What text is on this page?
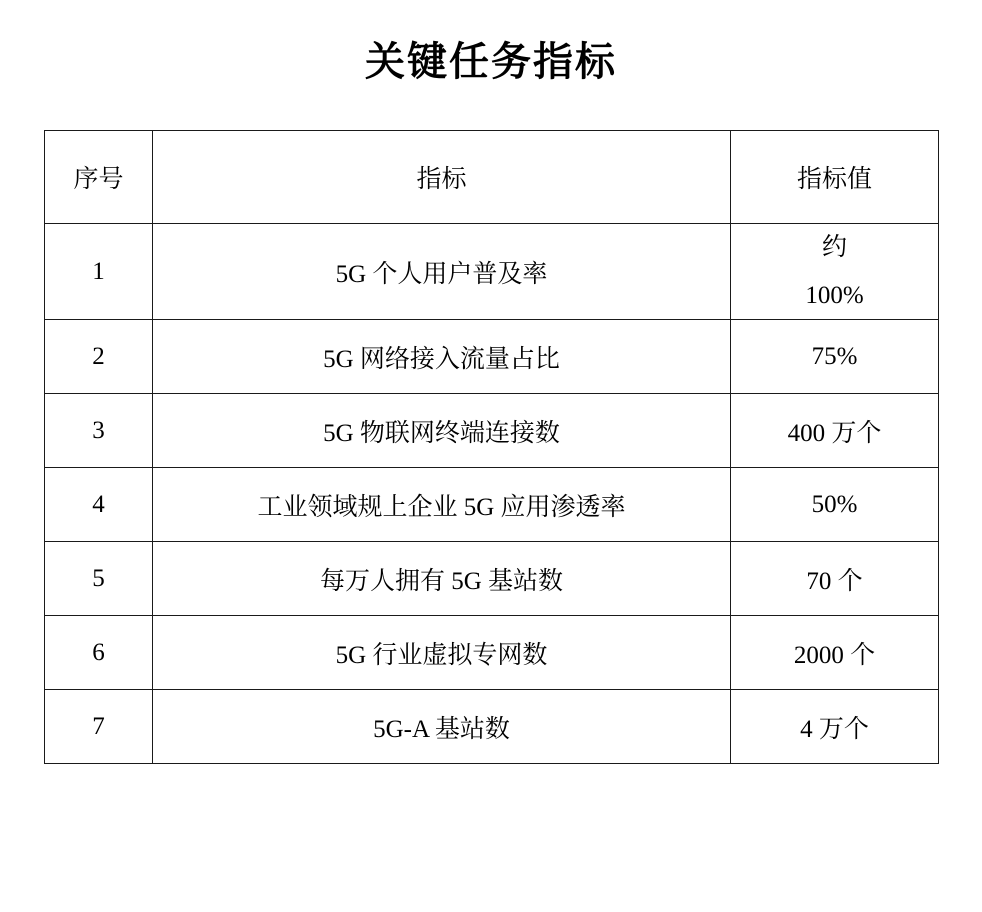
关键任务指标
序号	指标	指标值
1	5G 个人用户普及率	约
100%

2	5G 网络接入流量占比	75%
3	5G 物联网终端连接数	400 万个
4	工业领域规上企业 5G 应用渗透率	50%
5	每万人拥有 5G 基站数	70 个
6	5G 行业虚拟专网数	2000 个
7	5G-A 基站数	4 万个
